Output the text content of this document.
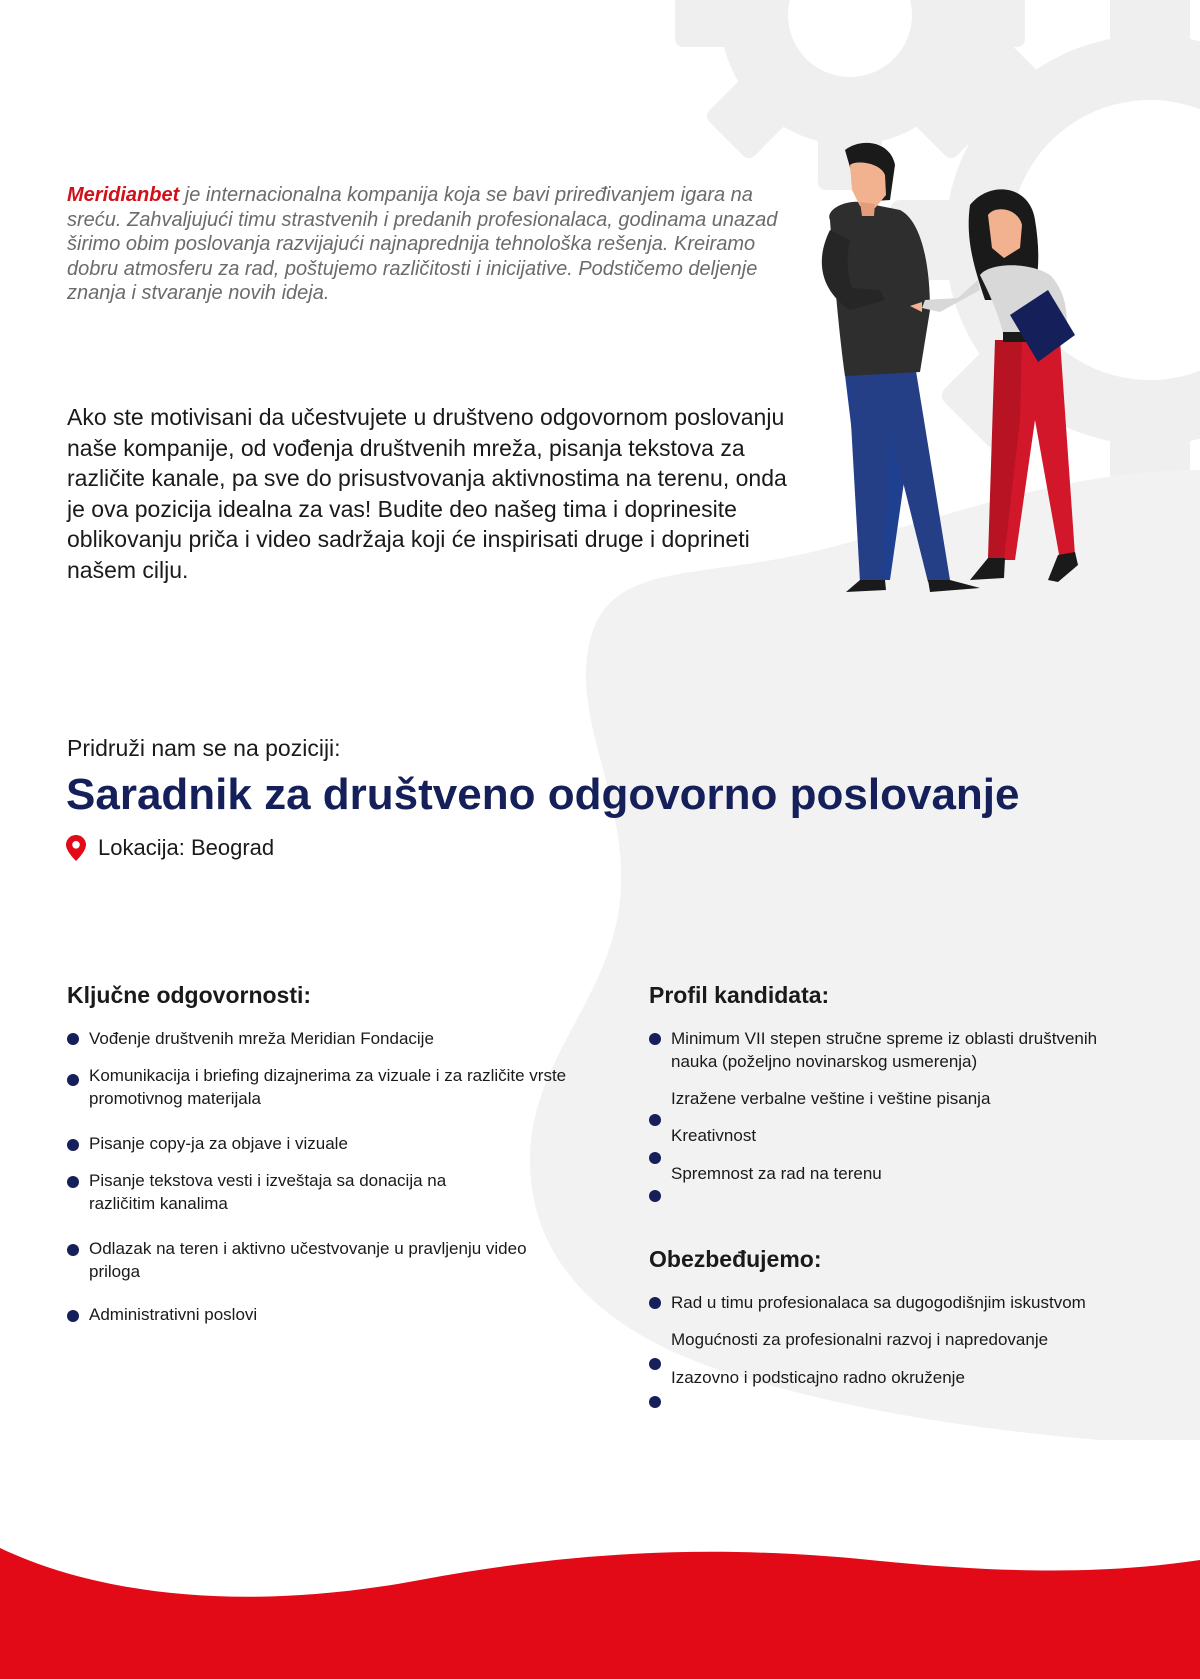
Meridianbet je internacionalna kompanija koja se bavi priređivanjem igara na sreću. Zahvaljujući timu strastvenih i predanih profesionalaca, godinama unazad širimo obim poslovanja razvijajući najnaprednija tehnološka rešenja. Kreiramo dobru atmosferu za rad, poštujemo različitosti i inicijative. Podstičemo deljenje znanja i stvaranje novih ideja.

Ako ste motivisani da učestvujete u društveno odgovornom poslovanju naše kompanije, od vođenja društvenih mreža, pisanja tekstova za različite kanale, pa sve do prisustvovanja aktivnostima na terenu, onda je ova pozicija idealna za vas! Budite deo našeg tima i doprinesite oblikovanju priča i video sadržaja koji će inspirisati druge i doprineti našem cilju.

Pridruži nam se na poziciji:
Saradnik za društveno odgovorno poslovanje
Lokacija: Beograd
Ključne odgovornosti:
Vođenje društvenih mreža Meridian Fondacije
Komunikacija i briefing dizajnerima za vizuale i za različite vrste promotivnog materijala
Pisanje copy-ja za objave i vizuale
Pisanje tekstova vesti i izveštaja sa donacija na različitim kanalima
Odlazak na teren i aktivno učestvovanje u pravljenju video priloga
Administrativni poslovi
Profil kandidata:
Minimum VII stepen stručne spreme iz oblasti društvenih nauka (poželjno novinarskog usmerenja)
Izražene verbalne veštine i veštine pisanja
Kreativnost
Spremnost za rad na terenu
Obezbeđujemo:
Rad u timu profesionalaca sa dugogodišnjim iskustvom
Mogućnosti za profesionalni razvoj i napredovanje
Izazovno i podsticajno radno okruženje
